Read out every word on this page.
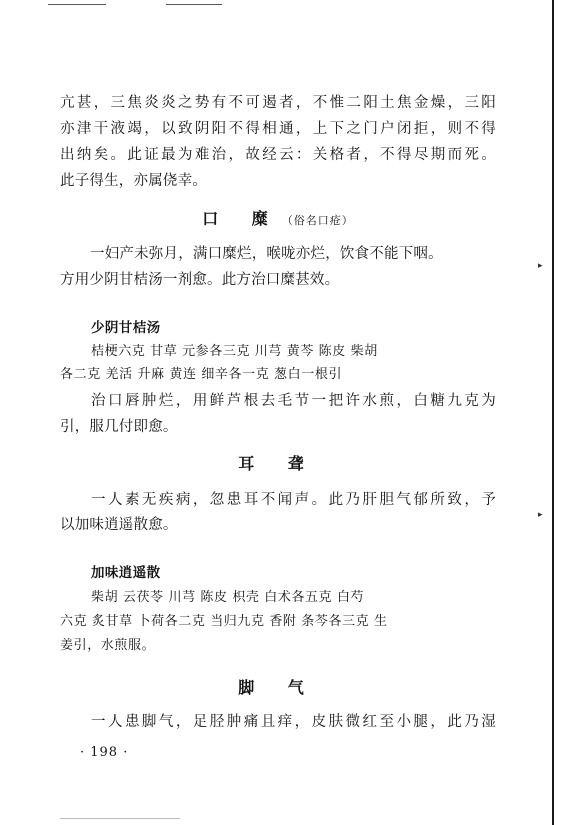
▸
▸
亢甚，三焦炎炎之势有不可遏者，不惟二阳土焦金燥，三阳
亦津干液竭，以致阴阳不得相通，上下之门户闭拒，则不得
出纳矣。此证最为难治，故经云：关格者，不得尽期而死。
此子得生，亦属侥幸。
口 糜（俗名口疮）
一妇产未弥月，满口糜烂，喉咙亦烂，饮食不能下咽。
方用少阴甘桔汤一剂愈。此方治口糜甚效。
少阴甘桔汤
桔梗六克 甘草 元参各三克 川芎 黄芩 陈皮 柴胡
各二克 羌活 升麻 黄连 细辛各一克 葱白一根引
治口唇肿烂，用鲜芦根去毛节一把许水煎，白糖九克为
引，服几付即愈。
耳 聋
一人素无疾病，忽患耳不闻声。此乃肝胆气郁所致，予
以加味逍遥散愈。
加味逍遥散
柴胡 云茯苓 川芎 陈皮 枳壳 白术各五克 白芍
六克 炙甘草 卜荷各二克 当归九克 香附 条芩各三克 生
姜引，水煎服。
脚 气
一人患脚气，足胫肿痛且痒，皮肤微红至小腿，此乃湿
· 198 ·
